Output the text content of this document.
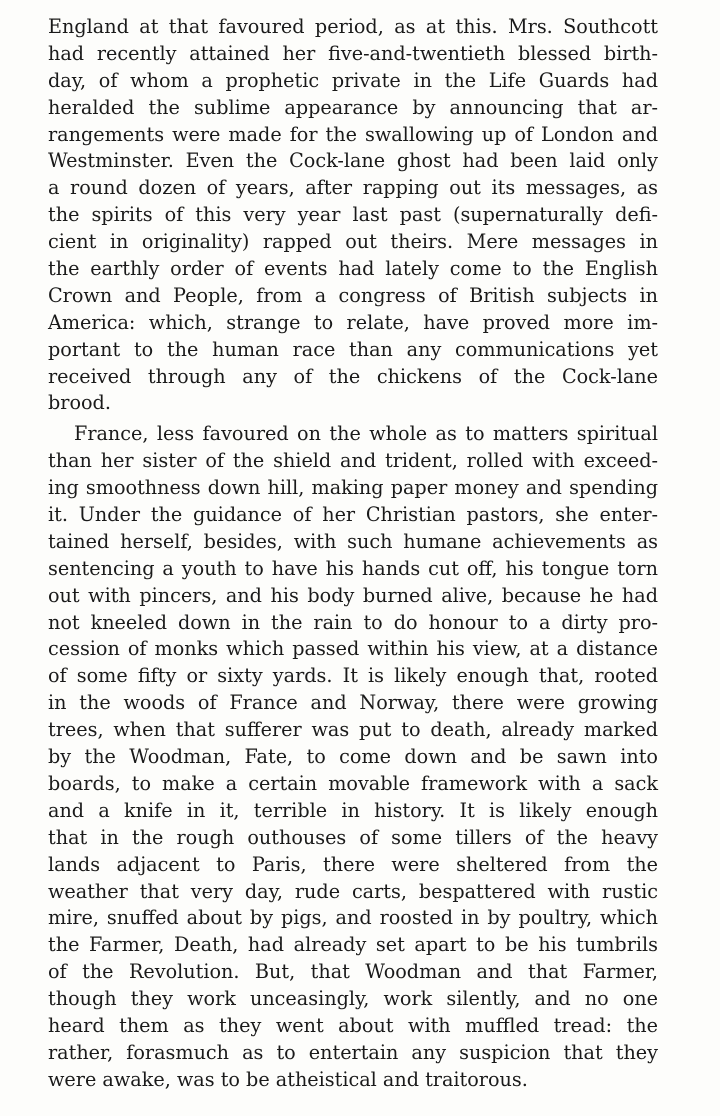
England at that favoured period, as at this. Mrs. Southcott
had recently attained her five-and-twentieth blessed birth-
day, of whom a prophetic private in the Life Guards had
heralded the sublime appearance by announcing that ar-
rangements were made for the swallowing up of London and
Westminster. Even the Cock-lane ghost had been laid only
a round dozen of years, after rapping out its messages, as
the spirits of this very year last past (supernaturally defi-
cient in originality) rapped out theirs. Mere messages in
the earthly order of events had lately come to the English
Crown and People, from a congress of British subjects in
America: which, strange to relate, have proved more im-
portant to the human race than any communications yet
received through any of the chickens of the Cock-lane
brood.
France, less favoured on the whole as to matters spiritual
than her sister of the shield and trident, rolled with exceed-
ing smoothness down hill, making paper money and spending
it. Under the guidance of her Christian pastors, she enter-
tained herself, besides, with such humane achievements as
sentencing a youth to have his hands cut off, his tongue torn
out with pincers, and his body burned alive, because he had
not kneeled down in the rain to do honour to a dirty pro-
cession of monks which passed within his view, at a distance
of some fifty or sixty yards. It is likely enough that, rooted
in the woods of France and Norway, there were growing
trees, when that sufferer was put to death, already marked
by the Woodman, Fate, to come down and be sawn into
boards, to make a certain movable framework with a sack
and a knife in it, terrible in history. It is likely enough
that in the rough outhouses of some tillers of the heavy
lands adjacent to Paris, there were sheltered from the
weather that very day, rude carts, bespattered with rustic
mire, snuffed about by pigs, and roosted in by poultry, which
the Farmer, Death, had already set apart to be his tumbrils
of the Revolution. But, that Woodman and that Farmer,
though they work unceasingly, work silently, and no one
heard them as they went about with muffled tread: the
rather, forasmuch as to entertain any suspicion that they
were awake, was to be atheistical and traitorous.
